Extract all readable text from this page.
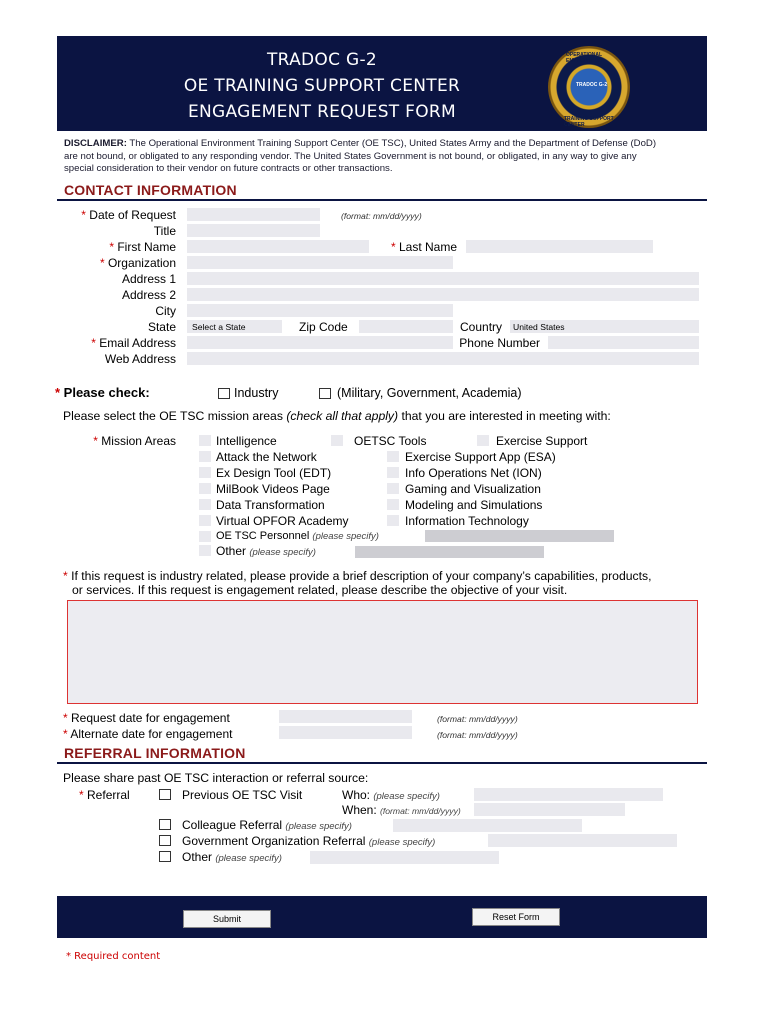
TRADOC G-2
OE TRAINING SUPPORT CENTER
ENGAGEMENT REQUEST FORM
OPERATIONAL ENVIRONMENT
TRADOC G-2
TRAINING SUPPORT CENTER
DISCLAIMER: The Operational Environment Training Support Center (OE TSC), United States Army and the Department of Defense (DoD) are not bound, or obligated to any responding vendor. The United States Government is not bound, or obligated, in any way to give any special consideration to their vendor on future contracts or other transactions.
CONTACT INFORMATION
* Date of Request	(format: mm/dd/yyyy)
Title
* First Name	* Last Name
* Organization
Address 1
Address 2
City
State Select a State	Zip Code	Country United States
* Email Address	Phone Number
Web Address
* Please check:	Industry	(Military, Government, Academia)
Please select the OE TSC mission areas (check all that apply) that you are interested in meeting with:
* Mission Areas	Intelligence	OETSC Tools	Exercise Support
Attack the Network	Exercise Support App (ESA)
Ex Design Tool (EDT)	Info Operations Net (ION)
MilBook Videos Page	Gaming and Visualization
Data Transformation	Modeling and Simulations
Virtual OPFOR Academy	Information Technology
OE TSC Personnel (please specify)
Other (please specify)
* If this request is industry related, please provide a brief description of your company’s capabilities, products,
or services. If this request is engagement related, please describe the objective of your visit.
* Request date for engagement	(format: mm/dd/yyyy)
* Alternate date for engagement	(format: mm/dd/yyyy)
REFERRAL INFORMATION
Please share past OE TSC interaction or referral source:
* Referral	Previous OE TSC Visit	Who: (please specify)
When: (format: mm/dd/yyyy)
Colleague Referral (please specify)
Government Organization Referral (please specify)
Other (please specify)
Submit	Reset Form
* Required content
